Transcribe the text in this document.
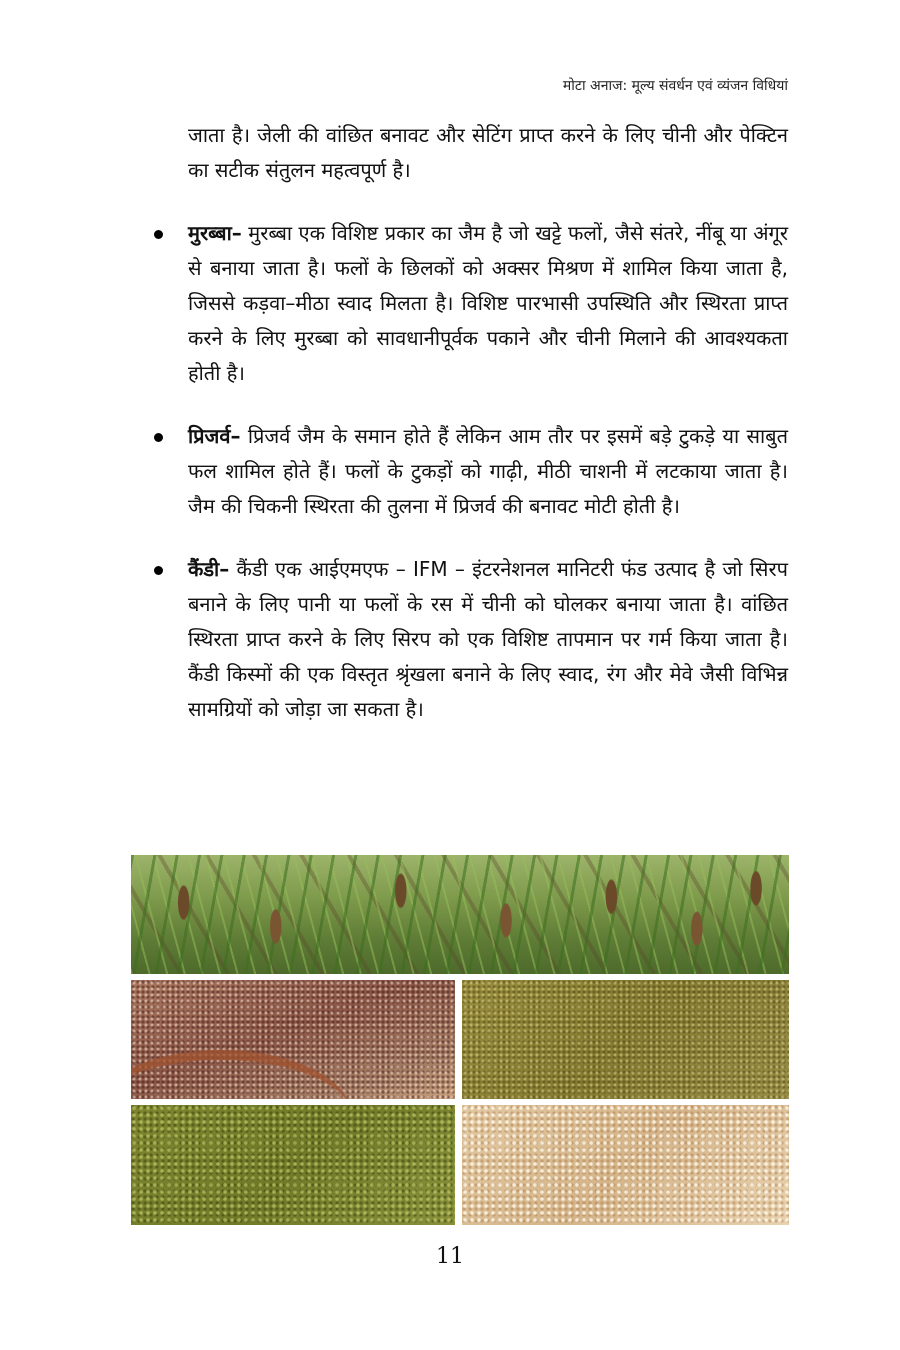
मोटा अनाज: मूल्य संवर्धन एवं व्यंजन विधियां

जाता है। जेली की वांछित बनावट और सेटिंग प्राप्त करने के लिए चीनी और पेक्टिन का सटीक संतुलन महत्वपूर्ण है।

मुरब्बा– मुरब्बा एक विशिष्ट प्रकार का जैम है जो खट्टे फलों, जैसे संतरे, नींबू या अंगूर से बनाया जाता है। फलों के छिलकों को अक्सर मिश्रण में शामिल किया जाता है, जिससे कड़वा–मीठा स्वाद मिलता है। विशिष्ट पारभासी उपस्थिति और स्थिरता प्राप्त करने के लिए मुरब्बा को सावधानीपूर्वक पकाने और चीनी मिलाने की आवश्यकता होती है।

प्रिजर्व– प्रिजर्व जैम के समान होते हैं लेकिन आम तौर पर इसमें बड़े टुकड़े या साबुत फल शामिल होते हैं। फलों के टुकड़ों को गाढ़ी, मीठी चाशनी में लटकाया जाता है। जैम की चिकनी स्थिरता की तुलना में प्रिजर्व की बनावट मोटी होती है।

कैंडी– कैंडी एक आईएमएफ – IFM – इंटरनेशनल मानिटरी फंड उत्पाद है जो सिरप बनाने के लिए पानी या फलों के रस में चीनी को घोलकर बनाया जाता है। वांछित स्थिरता प्राप्त करने के लिए सिरप को एक विशिष्ट तापमान पर गर्म किया जाता है। कैंडी किस्मों की एक विस्तृत श्रृंखला बनाने के लिए स्वाद, रंग और मेवे जैसी विभिन्न सामग्रियों को जोड़ा जा सकता है।

11
